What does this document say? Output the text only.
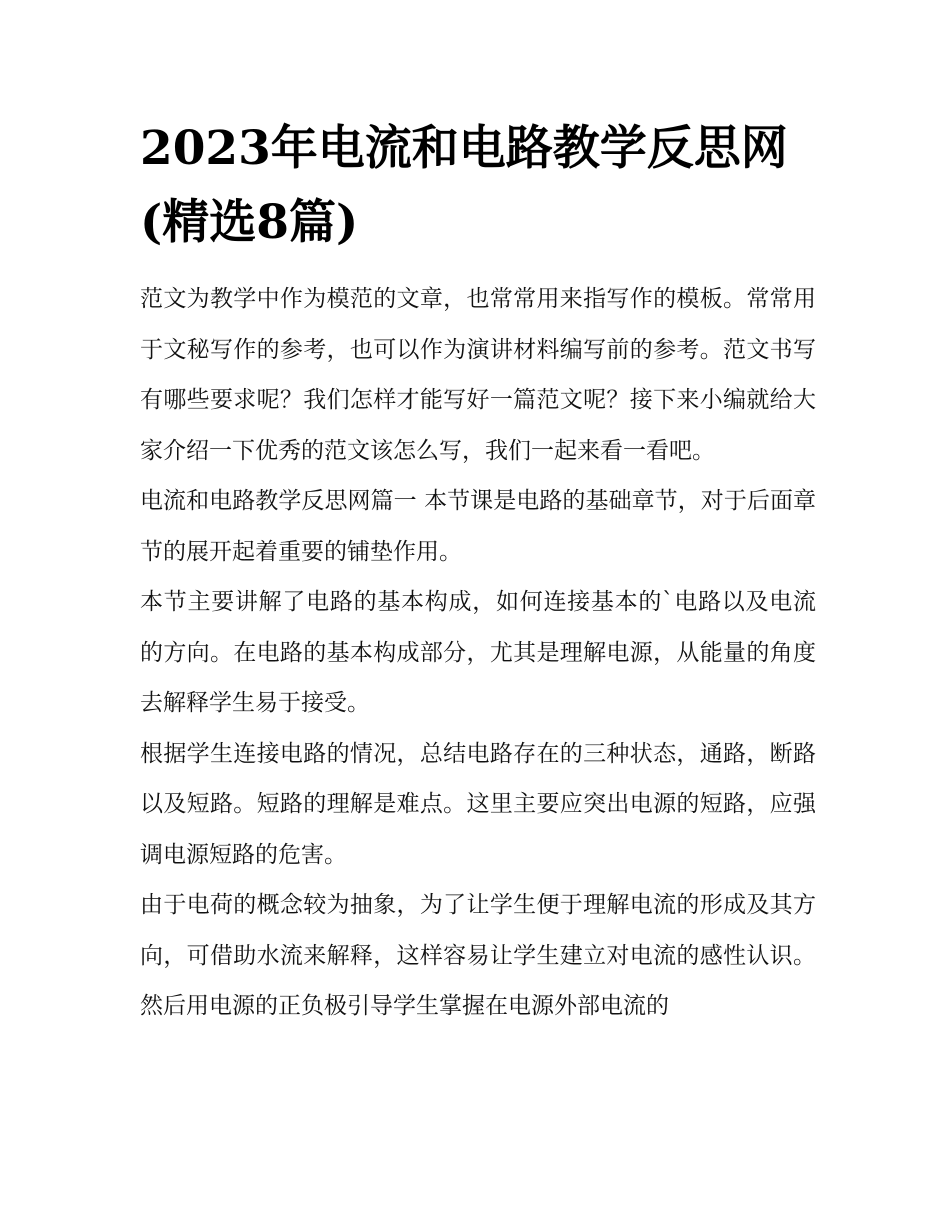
2023年电流和电路教学反思网
(精选8篇)

范文为教学中作为模范的文章，也常常用来指写作的模板。常常用于文秘写作的参考，也可以作为演讲材料编写前的参考。范文书写有哪些要求呢？我们怎样才能写好一篇范文呢？接下来小编就给大家介绍一下优秀的范文该怎么写，我们一起来看一看吧。

电流和电路教学反思网篇一 本节课是电路的基础章节，对于后面章节的展开起着重要的铺垫作用。

本节主要讲解了电路的基本构成，如何连接基本的`电路以及电流的方向。在电路的基本构成部分，尤其是理解电源，从能量的角度去解释学生易于接受。

根据学生连接电路的情况，总结电路存在的三种状态，通路，断路以及短路。短路的理解是难点。这里主要应突出电源的短路，应强调电源短路的危害。

由于电荷的概念较为抽象，为了让学生便于理解电流的形成及其方向，可借助水流来解释，这样容易让学生建立对电流的感性认识。然后用电源的正负极引导学生掌握在电源外部电流的
